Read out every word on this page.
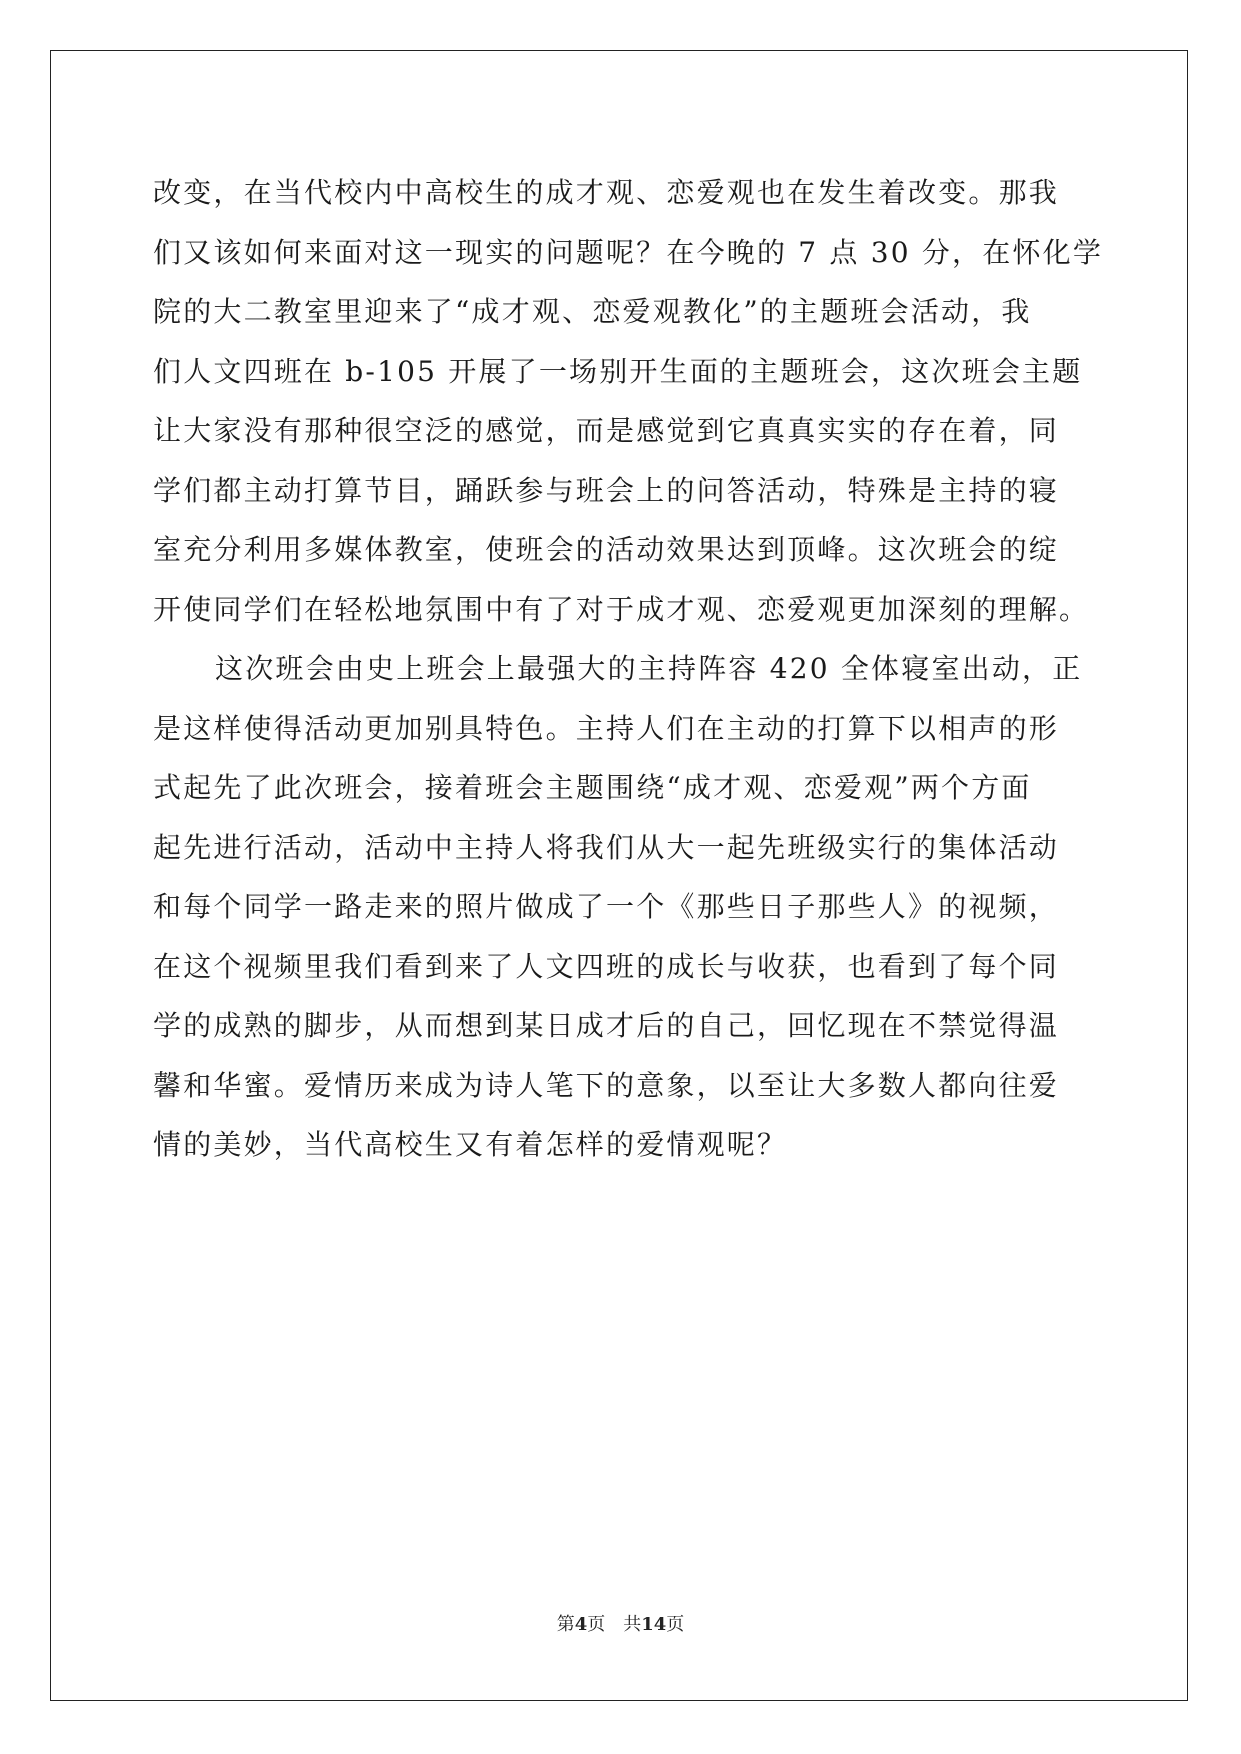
改变，在当代校内中高校生的成才观、恋爱观也在发生着改变。那我
们又该如何来面对这一现实的问题呢？在今晚的 7 点 30 分，在怀化学
院的大二教室里迎来了“成才观、恋爱观教化”的主题班会活动，我
们人文四班在 b-105 开展了一场别开生面的主题班会，这次班会主题
让大家没有那种很空泛的感觉，而是感觉到它真真实实的存在着，同
学们都主动打算节目，踊跃参与班会上的问答活动，特殊是主持的寝
室充分利用多媒体教室，使班会的活动效果达到顶峰。这次班会的绽
开使同学们在轻松地氛围中有了对于成才观、恋爱观更加深刻的理解。
这次班会由史上班会上最强大的主持阵容 420 全体寝室出动，正
是这样使得活动更加别具特色。主持人们在主动的打算下以相声的形
式起先了此次班会，接着班会主题围绕“成才观、恋爱观”两个方面
起先进行活动，活动中主持人将我们从大一起先班级实行的集体活动
和每个同学一路走来的照片做成了一个《那些日子那些人》的视频，
在这个视频里我们看到来了人文四班的成长与收获，也看到了每个同
学的成熟的脚步，从而想到某日成才后的自己，回忆现在不禁觉得温
馨和华蜜。爱情历来成为诗人笔下的意象，以至让大多数人都向往爱
情的美妙，当代高校生又有着怎样的爱情观呢？
第4页 共14页
